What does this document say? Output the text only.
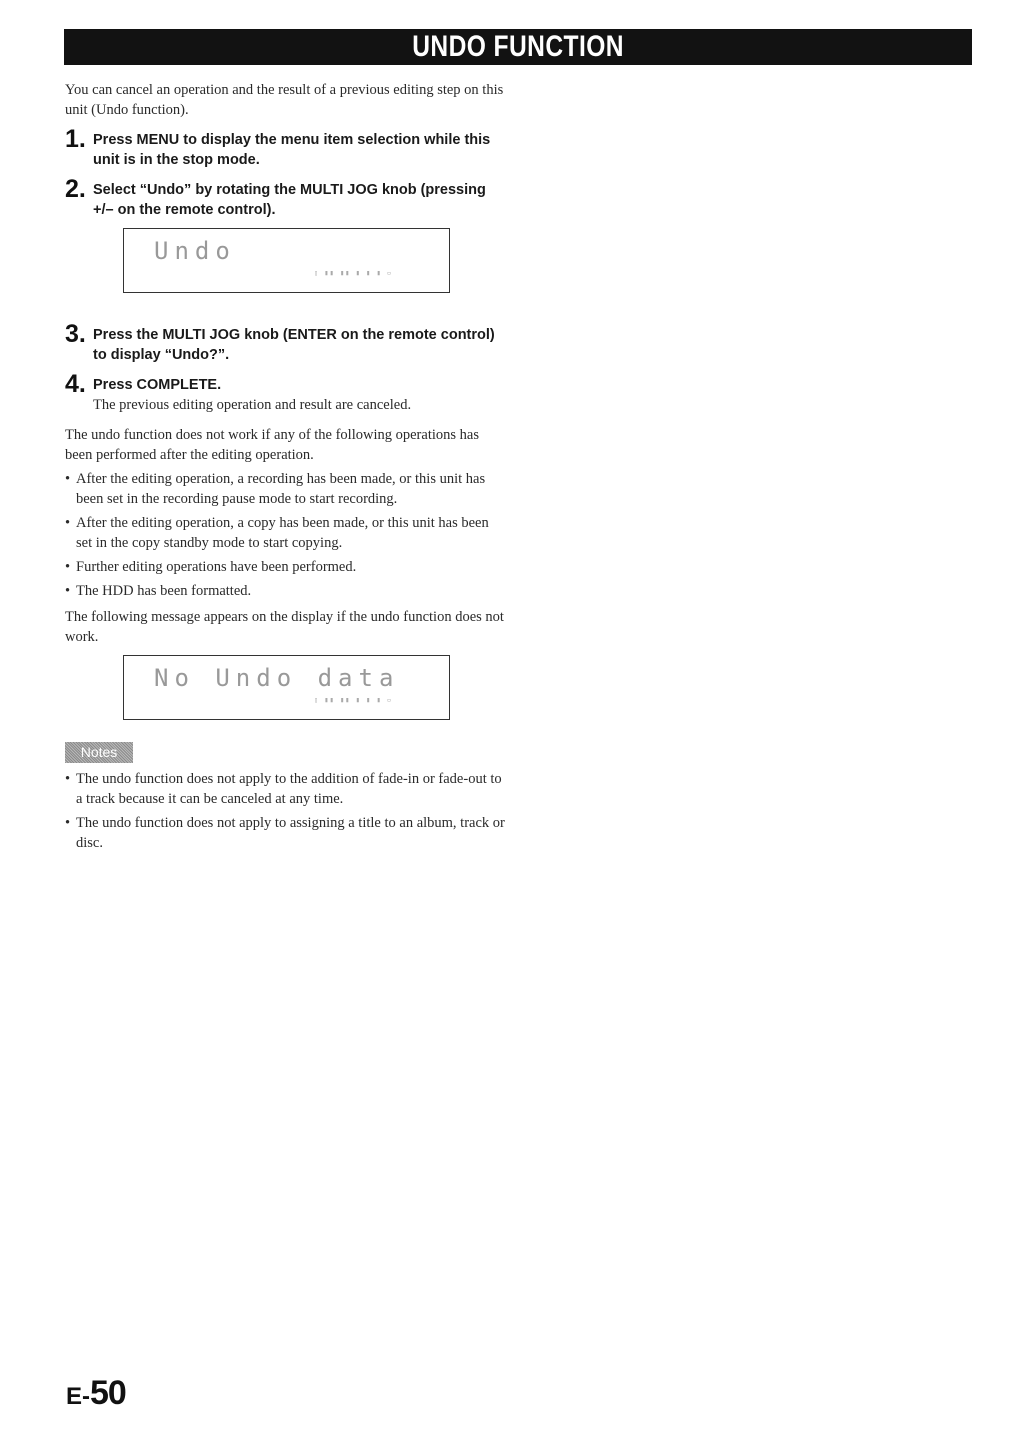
UNDO FUNCTION

You can cancel an operation and the result of a previous editing step on this unit (Undo function).

1. Press MENU to display the menu item selection while this unit is in the stop mode.
2. Select “Undo” by rotating the MULTI JOG knob (pressing +/– on the remote control).
Undo
▯ ▮▮ ▮▮ ▮ ▮ ▮ ▫
3. Press the MULTI JOG knob (ENTER on the remote control) to display “Undo?”.
4. Press COMPLETE.

The previous editing operation and result are canceled.

The undo function does not work if any of the following operations has been performed after the editing operation.

• After the editing operation, a recording has been made, or this unit has been set in the recording pause mode to start recording.
• After the editing operation, a copy has been made, or this unit has been set in the copy standby mode to start copying.
• Further editing operations have been performed.
• The HDD has been formatted.

The following message appears on the display if the undo function does not work.

No Undo data
▯ ▮▮ ▮▮ ▮ ▮ ▮ ▫
Notes
• The undo function does not apply to the addition of fade-in or fade-out to a track because it can be canceled at any time.
• The undo function does not apply to assigning a title to an album, track or disc.
E-50
